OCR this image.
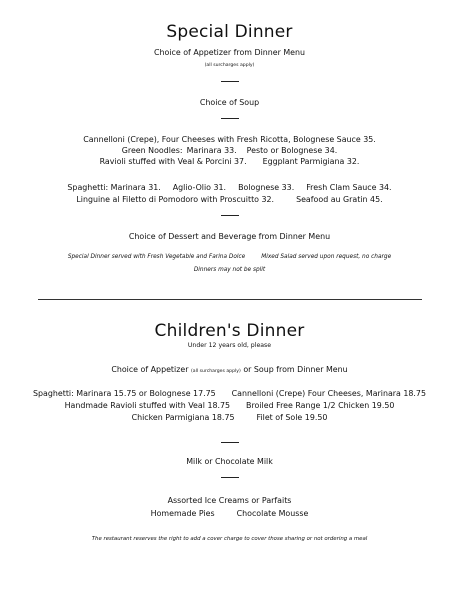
Special Dinner
Choice of Appetizer from Dinner Menu
(all surcharges apply)
Choice of Soup
Cannelloni (Crepe), Four Cheeses with Fresh Ricotta, Bolognese Sauce 35.
Green Noodles: Marinara 33. Pesto or Bolognese 34.
Ravioli stuffed with Veal & Porcini 37. Eggplant Parmigiana 32.
Spaghetti: Marinara 31. Aglio-Olio 31. Bolognese 33. Fresh Clam Sauce 34.
Linguine al Filetto di Pomodoro with Proscuitto 32.	Seafood au Gratin 45.
Choice of Dessert and Beverage from Dinner Menu
Special Dinner served with Fresh Vegetable and Farina Dolce	Mixed Salad served upon request, no charge
Dinners may not be split
Children's Dinner
Under 12 years old, please
Choice of Appetizer (all surcharges apply) or Soup from Dinner Menu
Spaghetti: Marinara 15.75 or Bolognese 17.75 Cannelloni (Crepe) Four Cheeses, Marinara 18.75
Handmade Ravioli stuffed with Veal 18.75 Broiled Free Range 1/2 Chicken 19.50
Chicken Parmigiana 18.75	Filet of Sole 19.50
Milk or Chocolate Milk
Assorted Ice Creams or Parfaits
Homemade Pies	Chocolate Mousse
The restaurant reserves the right to add a cover charge to cover those sharing or not ordering a meal
